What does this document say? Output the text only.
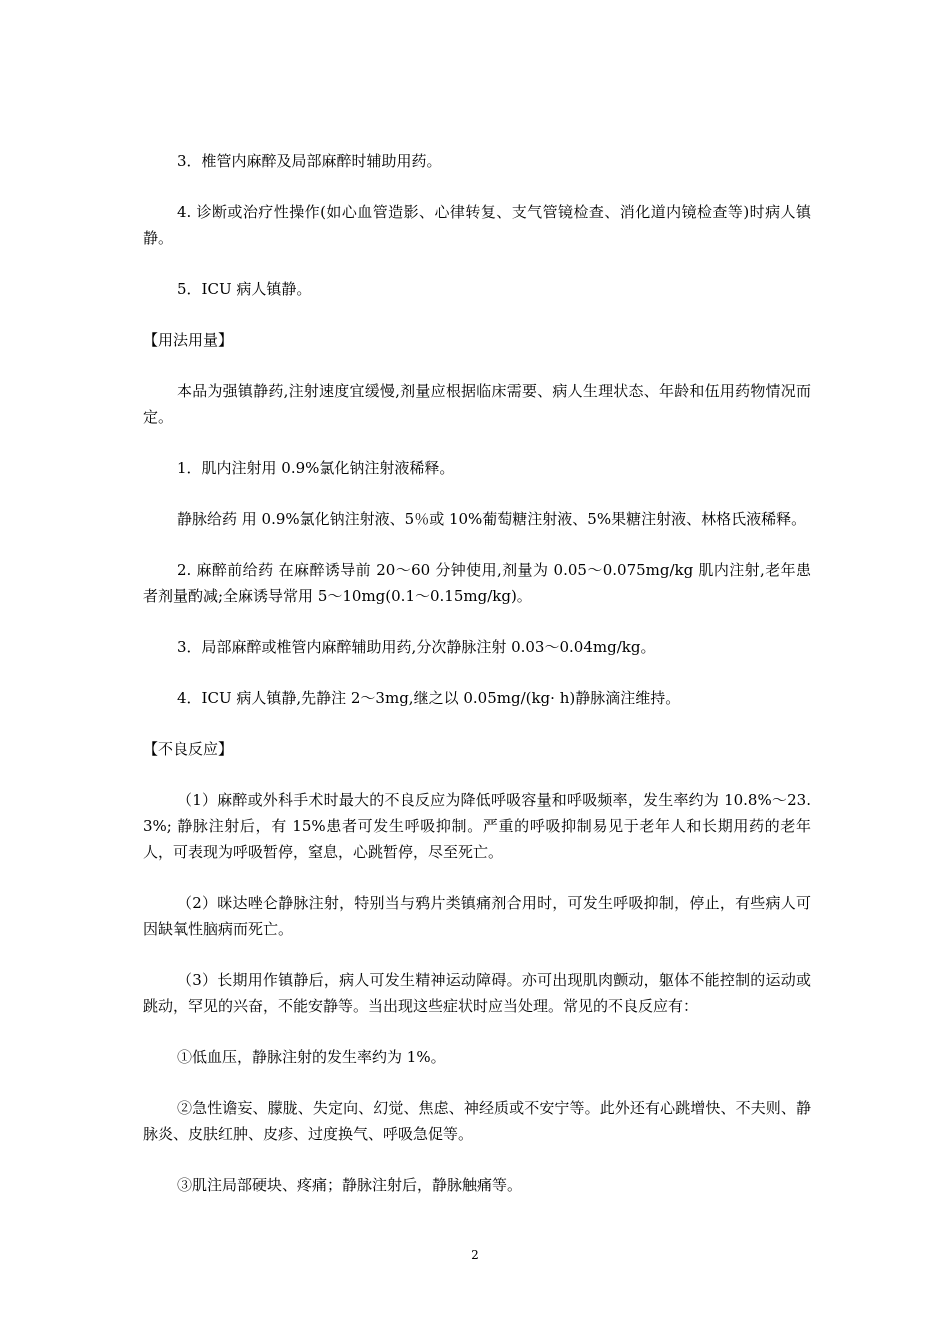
3．椎管内麻醉及局部麻醉时辅助用药。

4. 诊断或治疗性操作(如心血管造影、心律转复、支气管镜检查、消化道内镜检查等)时病人镇静。

5．ICU 病人镇静。

【用法用量】

本品为强镇静药,注射速度宜缓慢,剂量应根据临床需要、病人生理状态、年龄和伍用药物情况而定。

1．肌内注射用 0.9%氯化钠注射液稀释。

静脉给药 用 0.9%氯化钠注射液、5％或 10%葡萄糖注射液、5%果糖注射液、林格氏液稀释。

2. 麻醉前给药 在麻醉诱导前 20～60 分钟使用,剂量为 0.05～0.075mg/kg 肌内注射,老年患者剂量酌减;全麻诱导常用 5～10mg(0.1～0.15mg/kg)。

3．局部麻醉或椎管内麻醉辅助用药,分次静脉注射 0.03～0.04mg/kg。

4．ICU 病人镇静,先静注 2～3mg,继之以 0.05mg/(kg· h)静脉滴注维持。

【不良反应】

（1）麻醉或外科手术时最大的不良反应为降低呼吸容量和呼吸频率，发生率约为 10.8%～23.3%; 静脉注射后，有 15%患者可发生呼吸抑制。严重的呼吸抑制易见于老年人和长期用药的老年人，可表现为呼吸暂停，窒息，心跳暂停，尽至死亡。

（2）咪达唑仑静脉注射，特别当与鸦片类镇痛剂合用时，可发生呼吸抑制，停止，有些病人可因缺氧性脑病而死亡。

（3）长期用作镇静后，病人可发生精神运动障碍。亦可出现肌肉颤动，躯体不能控制的运动或跳动，罕见的兴奋，不能安静等。当出现这些症状时应当处理。常见的不良反应有：

①低血压，静脉注射的发生率约为 1%。

②急性谵妄、朦胧、失定向、幻觉、焦虑、神经质或不安宁等。此外还有心跳增快、不夫则、静脉炎、皮肤红肿、皮疹、过度换气、呼吸急促等。

③肌注局部硬块、疼痛；静脉注射后，静脉触痛等。

2
